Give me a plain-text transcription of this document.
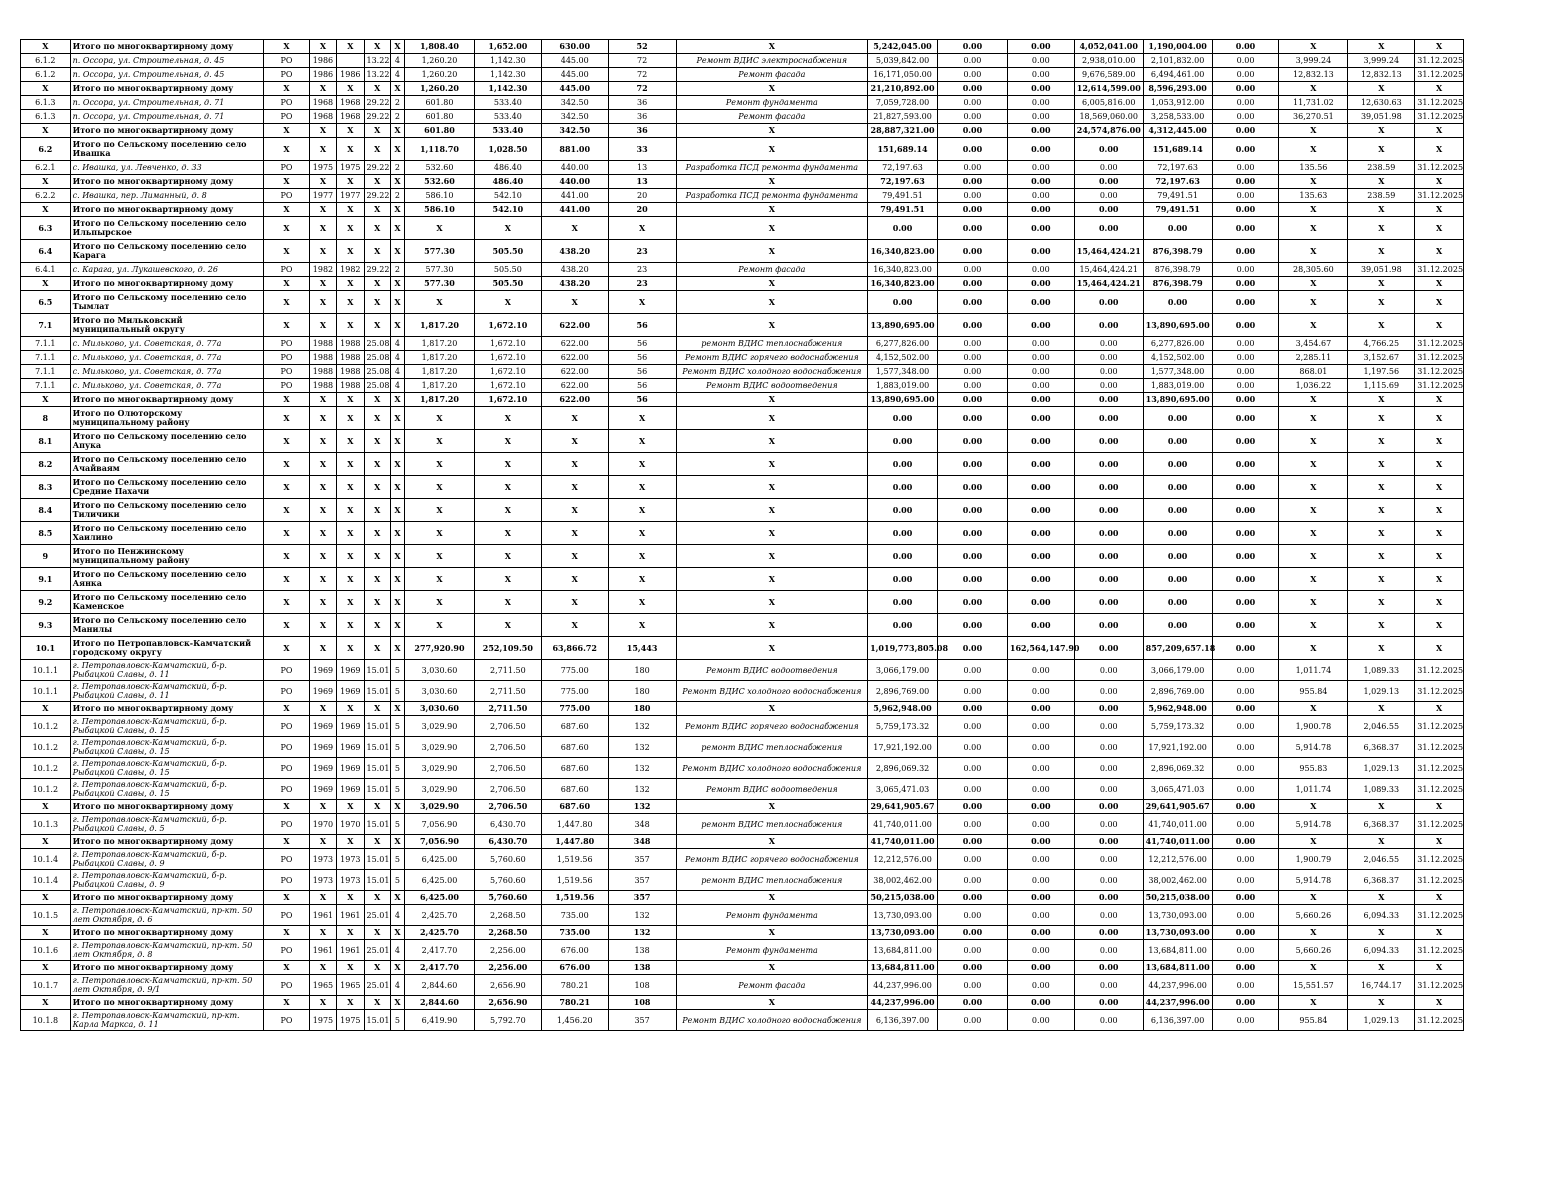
X	Итого по многоквартирному дому	X	X	X	X	X	1,808.40	1,652.00	630.00	52	X	5,242,045.00	0.00	0.00	4,052,041.00	1,190,004.00	0.00	X	X	X
6.1.2	п. Оссора, ул. Строительная, д. 45	РО	1986		13.22	4	1,260.20	1,142.30	445.00	72	Ремонт ВДИС электроснабжения	5,039,842.00	0.00	0.00	2,938,010.00	2,101,832.00	0.00	3,999.24	3,999.24	31.12.2025
6.1.2	п. Оссора, ул. Строительная, д. 45	РО	1986	1986	13.22	4	1,260.20	1,142.30	445.00	72	Ремонт фасада	16,171,050.00	0.00	0.00	9,676,589.00	6,494,461.00	0.00	12,832.13	12,832.13	31.12.2025
X	Итого по многоквартирному дому	X	X	X	X	X	1,260.20	1,142.30	445.00	72	X	21,210,892.00	0.00	0.00	12,614,599.00	8,596,293.00	0.00	X	X	X
6.1.3	п. Оссора, ул. Строительная, д. 71	РО	1968	1968	29.22	2	601.80	533.40	342.50	36	Ремонт фундамента	7,059,728.00	0.00	0.00	6,005,816.00	1,053,912.00	0.00	11,731.02	12,630.63	31.12.2025
6.1.3	п. Оссора, ул. Строительная, д. 71	РО	1968	1968	29.22	2	601.80	533.40	342.50	36	Ремонт фасада	21,827,593.00	0.00	0.00	18,569,060.00	3,258,533.00	0.00	36,270.51	39,051.98	31.12.2025
X	Итого по многоквартирному дому	X	X	X	X	X	601.80	533.40	342.50	36	X	28,887,321.00	0.00	0.00	24,574,876.00	4,312,445.00	0.00	X	X	X
6.2	Итого по Сельскому поселению село Ивашка	X	X	X	X	X	1,118.70	1,028.50	881.00	33	X	151,689.14	0.00	0.00	0.00	151,689.14	0.00	X	X	X
6.2.1	с. Ивашка, ул. Левченко, д. 33	РО	1975	1975	29.22	2	532.60	486.40	440.00	13	Разработка ПСД ремонта фундамента	72,197.63	0.00	0.00	0.00	72,197.63	0.00	135.56	238.59	31.12.2025
X	Итого по многоквартирному дому	X	X	X	X	X	532.60	486.40	440.00	13	X	72,197.63	0.00	0.00	0.00	72,197.63	0.00	X	X	X
6.2.2	с. Ивашка, пер. Лиманный, д. 8	РО	1977	1977	29.22	2	586.10	542.10	441.00	20	Разработка ПСД ремонта фундамента	79,491.51	0.00	0.00	0.00	79,491.51	0.00	135.63	238.59	31.12.2025
X	Итого по многоквартирному дому	X	X	X	X	X	586.10	542.10	441.00	20	X	79,491.51	0.00	0.00	0.00	79,491.51	0.00	X	X	X
6.3	Итого по Сельскому поселению село Ильпырское	X	X	X	X	X	X	X	X	X	X	0.00	0.00	0.00	0.00	0.00	0.00	X	X	X
6.4	Итого по Сельскому поселению село Карага	X	X	X	X	X	577.30	505.50	438.20	23	X	16,340,823.00	0.00	0.00	15,464,424.21	876,398.79	0.00	X	X	X
6.4.1	с. Карага, ул. Лукашевского, д. 26	РО	1982	1982	29.22	2	577.30	505.50	438.20	23	Ремонт фасада	16,340,823.00	0.00	0.00	15,464,424.21	876,398.79	0.00	28,305.60	39,051.98	31.12.2025
X	Итого по многоквартирному дому	X	X	X	X	X	577.30	505.50	438.20	23	X	16,340,823.00	0.00	0.00	15,464,424.21	876,398.79	0.00	X	X	X
6.5	Итого по Сельскому поселению село Тымлат	X	X	X	X	X	X	X	X	X	X	0.00	0.00	0.00	0.00	0.00	0.00	X	X	X
7.1	Итого по Мильковский муниципальный округу	X	X	X	X	X	1,817.20	1,672.10	622.00	56	X	13,890,695.00	0.00	0.00	0.00	13,890,695.00	0.00	X	X	X
7.1.1	с. Мильково, ул. Советская, д. 77а	РО	1988	1988	25.08	4	1,817.20	1,672.10	622.00	56	ремонт ВДИС теплоснабжения	6,277,826.00	0.00	0.00	0.00	6,277,826.00	0.00	3,454.67	4,766.25	31.12.2025
7.1.1	с. Мильково, ул. Советская, д. 77а	РО	1988	1988	25.08	4	1,817.20	1,672.10	622.00	56	Ремонт ВДИС горячего водоснабжения	4,152,502.00	0.00	0.00	0.00	4,152,502.00	0.00	2,285.11	3,152.67	31.12.2025
7.1.1	с. Мильково, ул. Советская, д. 77а	РО	1988	1988	25.08	4	1,817.20	1,672.10	622.00	56	Ремонт ВДИС холодного водоснабжения	1,577,348.00	0.00	0.00	0.00	1,577,348.00	0.00	868.01	1,197.56	31.12.2025
7.1.1	с. Мильково, ул. Советская, д. 77а	РО	1988	1988	25.08	4	1,817.20	1,672.10	622.00	56	Ремонт ВДИС водоотведения	1,883,019.00	0.00	0.00	0.00	1,883,019.00	0.00	1,036.22	1,115.69	31.12.2025
X	Итого по многоквартирному дому	X	X	X	X	X	1,817.20	1,672.10	622.00	56	X	13,890,695.00	0.00	0.00	0.00	13,890,695.00	0.00	X	X	X
8	Итого по Олюторскому муниципальному району	X	X	X	X	X	X	X	X	X	X	0.00	0.00	0.00	0.00	0.00	0.00	X	X	X
8.1	Итого по Сельскому поселению село Апука	X	X	X	X	X	X	X	X	X	X	0.00	0.00	0.00	0.00	0.00	0.00	X	X	X
8.2	Итого по Сельскому поселению село Ачайваям	X	X	X	X	X	X	X	X	X	X	0.00	0.00	0.00	0.00	0.00	0.00	X	X	X
8.3	Итого по Сельскому поселению село Средние Пахачи	X	X	X	X	X	X	X	X	X	X	0.00	0.00	0.00	0.00	0.00	0.00	X	X	X
8.4	Итого по Сельскому поселению село Тиличики	X	X	X	X	X	X	X	X	X	X	0.00	0.00	0.00	0.00	0.00	0.00	X	X	X
8.5	Итого по Сельскому поселению село Хаилино	X	X	X	X	X	X	X	X	X	X	0.00	0.00	0.00	0.00	0.00	0.00	X	X	X
9	Итого по Пенжинскому муниципальному району	X	X	X	X	X	X	X	X	X	X	0.00	0.00	0.00	0.00	0.00	0.00	X	X	X
9.1	Итого по Сельскому поселению село Аянка	X	X	X	X	X	X	X	X	X	X	0.00	0.00	0.00	0.00	0.00	0.00	X	X	X
9.2	Итого по Сельскому поселению село Каменское	X	X	X	X	X	X	X	X	X	X	0.00	0.00	0.00	0.00	0.00	0.00	X	X	X
9.3	Итого по Сельскому поселению село Манилы	X	X	X	X	X	X	X	X	X	X	0.00	0.00	0.00	0.00	0.00	0.00	X	X	X
10.1	Итого по Петропавловск-Камчатский городскому округу	X	X	X	X	X	277,920.90	252,109.50	63,866.72	15,443	X	1,019,773,805.08	0.00	162,564,147.90	0.00	857,209,657.18	0.00	X	X	X
10.1.1	г. Петропавловск-Камчатский, б-р. Рыбацкой Славы, д. 11	РО	1969	1969	15.01	5	3,030.60	2,711.50	775.00	180	Ремонт ВДИС водоотведения	3,066,179.00	0.00	0.00	0.00	3,066,179.00	0.00	1,011.74	1,089.33	31.12.2025
10.1.1	г. Петропавловск-Камчатский, б-р. Рыбацкой Славы, д. 11	РО	1969	1969	15.01	5	3,030.60	2,711.50	775.00	180	Ремонт ВДИС холодного водоснабжения	2,896,769.00	0.00	0.00	0.00	2,896,769.00	0.00	955.84	1,029.13	31.12.2025
X	Итого по многоквартирному дому	X	X	X	X	X	3,030.60	2,711.50	775.00	180	X	5,962,948.00	0.00	0.00	0.00	5,962,948.00	0.00	X	X	X
10.1.2	г. Петропавловск-Камчатский, б-р. Рыбацкой Славы, д. 15	РО	1969	1969	15.01	5	3,029.90	2,706.50	687.60	132	Ремонт ВДИС горячего водоснабжения	5,759,173.32	0.00	0.00	0.00	5,759,173.32	0.00	1,900.78	2,046.55	31.12.2025
10.1.2	г. Петропавловск-Камчатский, б-р. Рыбацкой Славы, д. 15	РО	1969	1969	15.01	5	3,029.90	2,706.50	687.60	132	ремонт ВДИС теплоснабжения	17,921,192.00	0.00	0.00	0.00	17,921,192.00	0.00	5,914.78	6,368.37	31.12.2025
10.1.2	г. Петропавловск-Камчатский, б-р. Рыбацкой Славы, д. 15	РО	1969	1969	15.01	5	3,029.90	2,706.50	687.60	132	Ремонт ВДИС холодного водоснабжения	2,896,069.32	0.00	0.00	0.00	2,896,069.32	0.00	955.83	1,029.13	31.12.2025
10.1.2	г. Петропавловск-Камчатский, б-р. Рыбацкой Славы, д. 15	РО	1969	1969	15.01	5	3,029.90	2,706.50	687.60	132	Ремонт ВДИС водоотведения	3,065,471.03	0.00	0.00	0.00	3,065,471.03	0.00	1,011.74	1,089.33	31.12.2025
X	Итого по многоквартирному дому	X	X	X	X	X	3,029.90	2,706.50	687.60	132	X	29,641,905.67	0.00	0.00	0.00	29,641,905.67	0.00	X	X	X
10.1.3	г. Петропавловск-Камчатский, б-р. Рыбацкой Славы, д. 5	РО	1970	1970	15.01	5	7,056.90	6,430.70	1,447.80	348	ремонт ВДИС теплоснабжения	41,740,011.00	0.00	0.00	0.00	41,740,011.00	0.00	5,914.78	6,368.37	31.12.2025
X	Итого по многоквартирному дому	X	X	X	X	X	7,056.90	6,430.70	1,447.80	348	X	41,740,011.00	0.00	0.00	0.00	41,740,011.00	0.00	X	X	X
10.1.4	г. Петропавловск-Камчатский, б-р. Рыбацкой Славы, д. 9	РО	1973	1973	15.01	5	6,425.00	5,760.60	1,519.56	357	Ремонт ВДИС горячего водоснабжения	12,212,576.00	0.00	0.00	0.00	12,212,576.00	0.00	1,900.79	2,046.55	31.12.2025
10.1.4	г. Петропавловск-Камчатский, б-р. Рыбацкой Славы, д. 9	РО	1973	1973	15.01	5	6,425.00	5,760.60	1,519.56	357	ремонт ВДИС теплоснабжения	38,002,462.00	0.00	0.00	0.00	38,002,462.00	0.00	5,914.78	6,368.37	31.12.2025
X	Итого по многоквартирному дому	X	X	X	X	X	6,425.00	5,760.60	1,519.56	357	X	50,215,038.00	0.00	0.00	0.00	50,215,038.00	0.00	X	X	X
10.1.5	г. Петропавловск-Камчатский, пр-кт. 50 лет Октября, д. 6	РО	1961	1961	25.01	4	2,425.70	2,268.50	735.00	132	Ремонт фундамента	13,730,093.00	0.00	0.00	0.00	13,730,093.00	0.00	5,660.26	6,094.33	31.12.2025
X	Итого по многоквартирному дому	X	X	X	X	X	2,425.70	2,268.50	735.00	132	X	13,730,093.00	0.00	0.00	0.00	13,730,093.00	0.00	X	X	X
10.1.6	г. Петропавловск-Камчатский, пр-кт. 50 лет Октября, д. 8	РО	1961	1961	25.01	4	2,417.70	2,256.00	676.00	138	Ремонт фундамента	13,684,811.00	0.00	0.00	0.00	13,684,811.00	0.00	5,660.26	6,094.33	31.12.2025
X	Итого по многоквартирному дому	X	X	X	X	X	2,417.70	2,256.00	676.00	138	X	13,684,811.00	0.00	0.00	0.00	13,684,811.00	0.00	X	X	X
10.1.7	г. Петропавловск-Камчатский, пр-кт. 50 лет Октября, д. 9/1	РО	1965	1965	25.01	4	2,844.60	2,656.90	780.21	108	Ремонт фасада	44,237,996.00	0.00	0.00	0.00	44,237,996.00	0.00	15,551.57	16,744.17	31.12.2025
X	Итого по многоквартирному дому	X	X	X	X	X	2,844.60	2,656.90	780.21	108	X	44,237,996.00	0.00	0.00	0.00	44,237,996.00	0.00	X	X	X
10.1.8	г. Петропавловск-Камчатский, пр-кт. Карла Маркса, д. 11	РО	1975	1975	15.01	5	6,419.90	5,792.70	1,456.20	357	Ремонт ВДИС холодного водоснабжения	6,136,397.00	0.00	0.00	0.00	6,136,397.00	0.00	955.84	1,029.13	31.12.2025
